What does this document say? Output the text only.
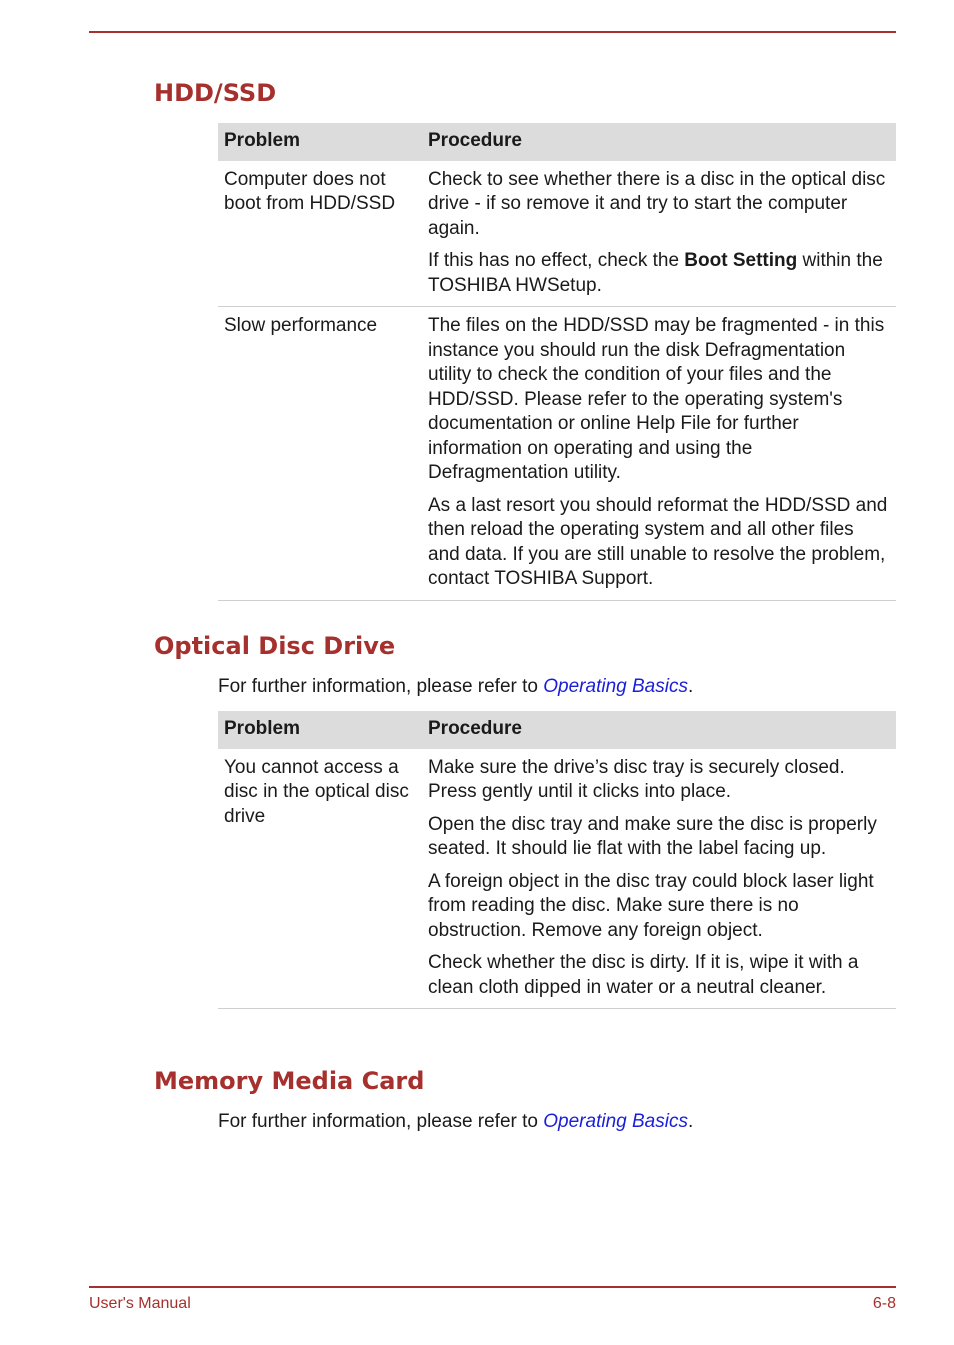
HDD/SSD
Problem	Procedure

Computer does not boot from HDD/SSD	Check to see whether there is a disc in the optical disc drive - if so remove it and try to start the computer again.

If this has no effect, check the Boot Setting within the TOSHIBA HWSetup.

Slow performance	The files on the HDD/SSD may be fragmented - in this instance you should run the disk Defragmentation utility to check the condition of your files and the HDD/SSD. Please refer to the operating system's documentation or online Help File for further information on operating and using the Defragmentation utility.

As a last resort you should reformat the HDD/SSD and then reload the operating system and all other files and data. If you are still unable to resolve the problem, contact TOSHIBA Support.

Optical Disc Drive

For further information, please refer to Operating Basics.

Problem	Procedure

You cannot access a disc in the optical disc drive	Make sure the drive’s disc tray is securely closed. Press gently until it clicks into place.

Open the disc tray and make sure the disc is properly seated. It should lie flat with the label facing up.

A foreign object in the disc tray could block laser light from reading the disc. Make sure there is no obstruction. Remove any foreign object.

Check whether the disc is dirty. If it is, wipe it with a clean cloth dipped in water or a neutral cleaner.

Memory Media Card

For further information, please refer to Operating Basics.

User's Manual	6-8
